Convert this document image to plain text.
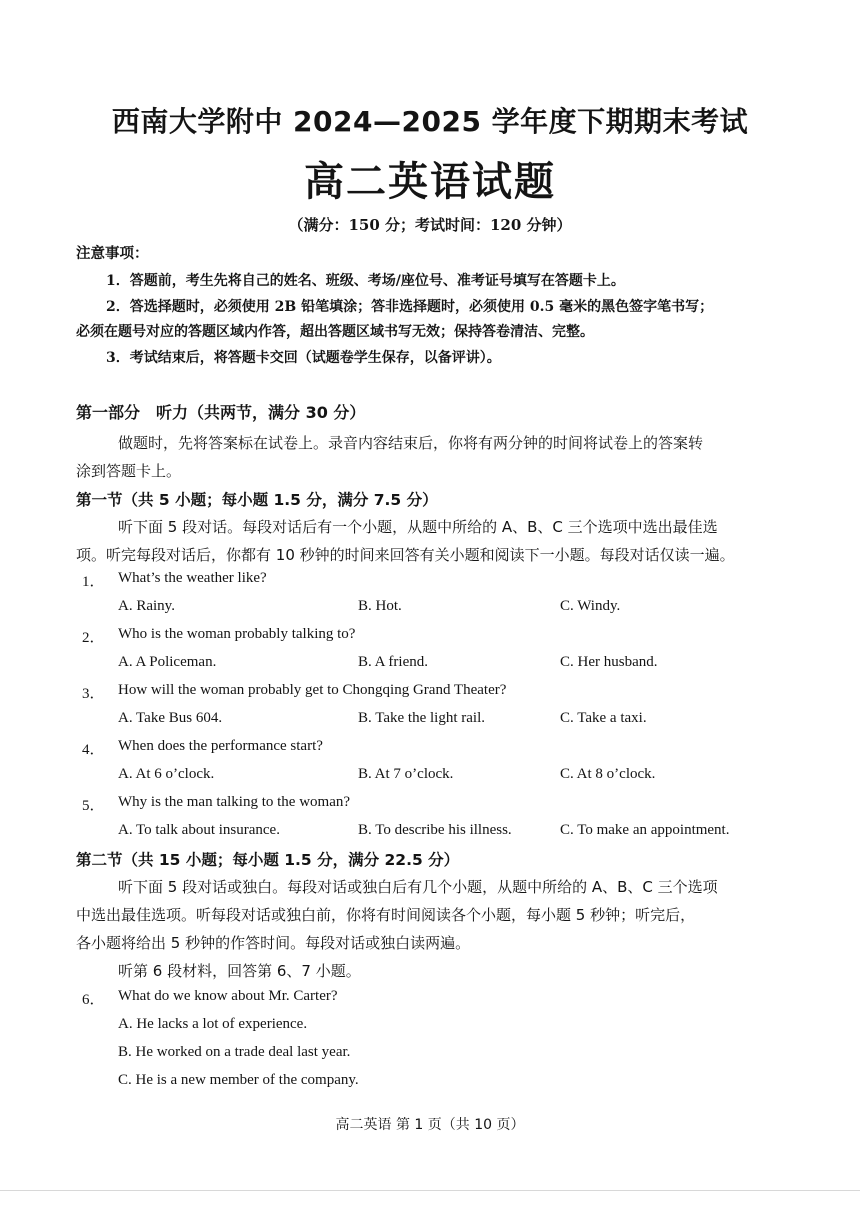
西南大学附中 2024—2025 学年度下期期末考试
高二英语试题
（满分：150 分；考试时间：120 分钟）
注意事项：
1．答题前，考生先将自己的姓名、班级、考场/座位号、准考证号填写在答题卡上。
2．答选择题时，必须使用 2B 铅笔填涂；答非选择题时，必须使用 0.5 毫米的黑色签字笔书写；
必须在题号对应的答题区域内作答，超出答题区域书写无效；保持答卷清洁、完整。
3．考试结束后，将答题卡交回（试题卷学生保存，以备评讲）。
第一部分　听力（共两节，满分 30 分）
做题时，先将答案标在试卷上。录音内容结束后，你将有两分钟的时间将试卷上的答案转
涂到答题卡上。
第一节（共 5 小题；每小题 1.5 分，满分 7.5 分）
听下面 5 段对话。每段对话后有一个小题，从题中所给的 A、B、C 三个选项中选出最佳选
项。听完每段对话后，你都有 10 秒钟的时间来回答有关小题和阅读下一小题。每段对话仅读一遍。
1． What’s the weather like?
A. Rainy.	B. Hot.	C. Windy.
2． Who is the woman probably talking to?
A. A Policeman.	B. A friend.	C. Her husband.
3． How will the woman probably get to Chongqing Grand Theater?
A. Take Bus 604.	B. Take the light rail.	C. Take a taxi.
4． When does the performance start?
A. At 6 o’clock.	B. At 7 o’clock.	C. At 8 o’clock.
5． Why is the man talking to the woman?
A. To talk about insurance.	B. To describe his illness.	C. To make an appointment.
第二节（共 15 小题；每小题 1.5 分，满分 22.5 分）
听下面 5 段对话或独白。每段对话或独白后有几个小题，从题中所给的 A、B、C 三个选项
中选出最佳选项。听每段对话或独白前，你将有时间阅读各个小题，每小题 5 秒钟；听完后，
各小题将给出 5 秒钟的作答时间。每段对话或独白读两遍。
听第 6 段材料，回答第 6、7 小题。
6． What do we know about Mr. Carter?
A. He lacks a lot of experience.
B. He worked on a trade deal last year.
C. He is a new member of the company.
高二英语 第 1 页（共 10 页）
